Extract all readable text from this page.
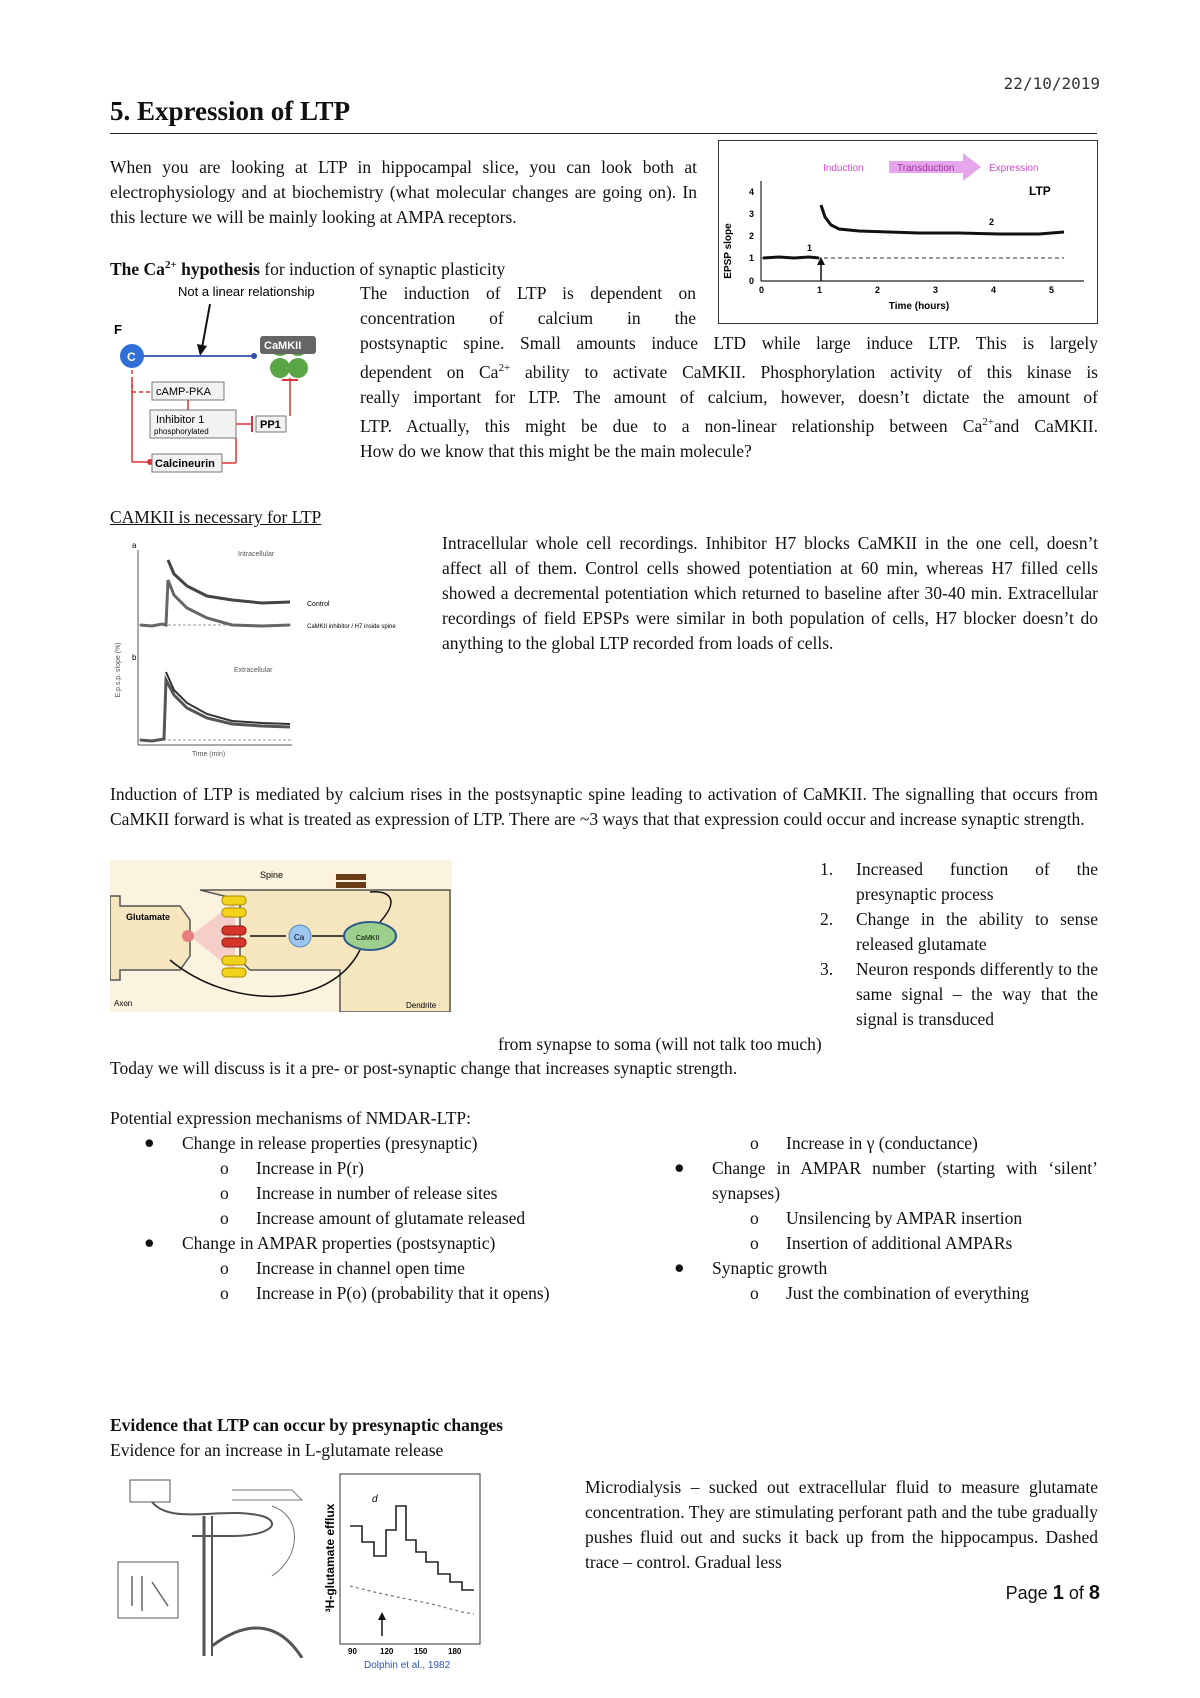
22/10/2019
5. Expression of LTP
When you are looking at LTP in hippocampal slice, you can look both at electrophysiology and at biochemistry (what molecular changes are going on). In this lecture we will be mainly looking at AMPA receptors.
Induction	Transduction	Expression
LTP
EPSP slope
0
1
2
3
4
0	1	2	3	4	5
Time (hours)
1
2
The $Ca^{2+}$ hypothesis for induction of synaptic plasticity
Not a linear relationship
F
C
CaMKII
cAMP-PKA
Inhibitor 1
phosphorylated
PP1
Calcineurin
The induction of LTP is dependent on
concentration of calcium in the
postsynaptic spine. Small amounts induce LTD while large induce LTP. This is largely
dependent on $Ca^{2+}$ ability to activate CaMKII. Phosphorylation activity of this kinase is
really important for LTP. The amount of calcium, however, doesn’t dictate the amount of
LTP. Actually, this might be due to a non-linear relationship between $Ca^{2+}and$ CaMKII.
How do we know that this might be the main molecule?
CAMKII is necessary for LTP
a
Intracellular
E.p.s.p. slope (%)
Control
CaMKII inhibitor / H7 inside spine
b
Extracellular
Time (min)
Intracellular whole cell recordings. Inhibitor H7 blocks CaMKII in the one cell, doesn’t affect all of them. Control cells showed potentiation at 60 min, whereas H7 filled cells showed a decremental potentiation which returned to baseline after 30-40 min. Extracellular recordings of field EPSPs were similar in both population of cells, H7 blocker doesn’t do anything to the global LTP recorded from loads of cells.
Induction of LTP is mediated by calcium rises in the postsynaptic spine leading to activation of CaMKII. The signalling that occurs from CaMKII forward is what is treated as expression of LTP. There are ~3 ways that that expression could occur and increase synaptic strength.
Glutamate
Spine
Ca	CaMKII
Axon	Dendrite
1. Increased function of the presynaptic process
2. Change in the ability to sense released glutamate
3. Neuron responds differently to the same signal – the way that the signal is transduced
from synapse to soma (will not talk too much)
Today we will discuss is it a pre- or post-synaptic change that increases synaptic strength.
Potential expression mechanisms of NMDAR-LTP:
● Change in release properties (presynaptic)
o Increase in P(r)
o Increase in number of release sites
o Increase amount of glutamate released
● Change in AMPAR properties (postsynaptic)
o Increase in channel open time
o Increase in P(o) (probability that it opens)
o Increase in γ (conductance)
● Change in AMPAR number (starting with ‘silent’ synapses)
o Unsilencing by AMPAR insertion
o Insertion of additional AMPARs
● Synaptic growth
o Just the combination of everything
Evidence that LTP can occur by presynaptic changes
Evidence for an increase in L-glutamate release
³H-glutamate efflux
d
90	120	150	180
Dolphin et al., 1982
Microdialysis – sucked out extracellular fluid to measure glutamate concentration. They are stimulating perforant path and the tube gradually pushes fluid out and sucks it back up from the hippocampus. Dashed trace – control. Gradual less
Page 1 of 8
